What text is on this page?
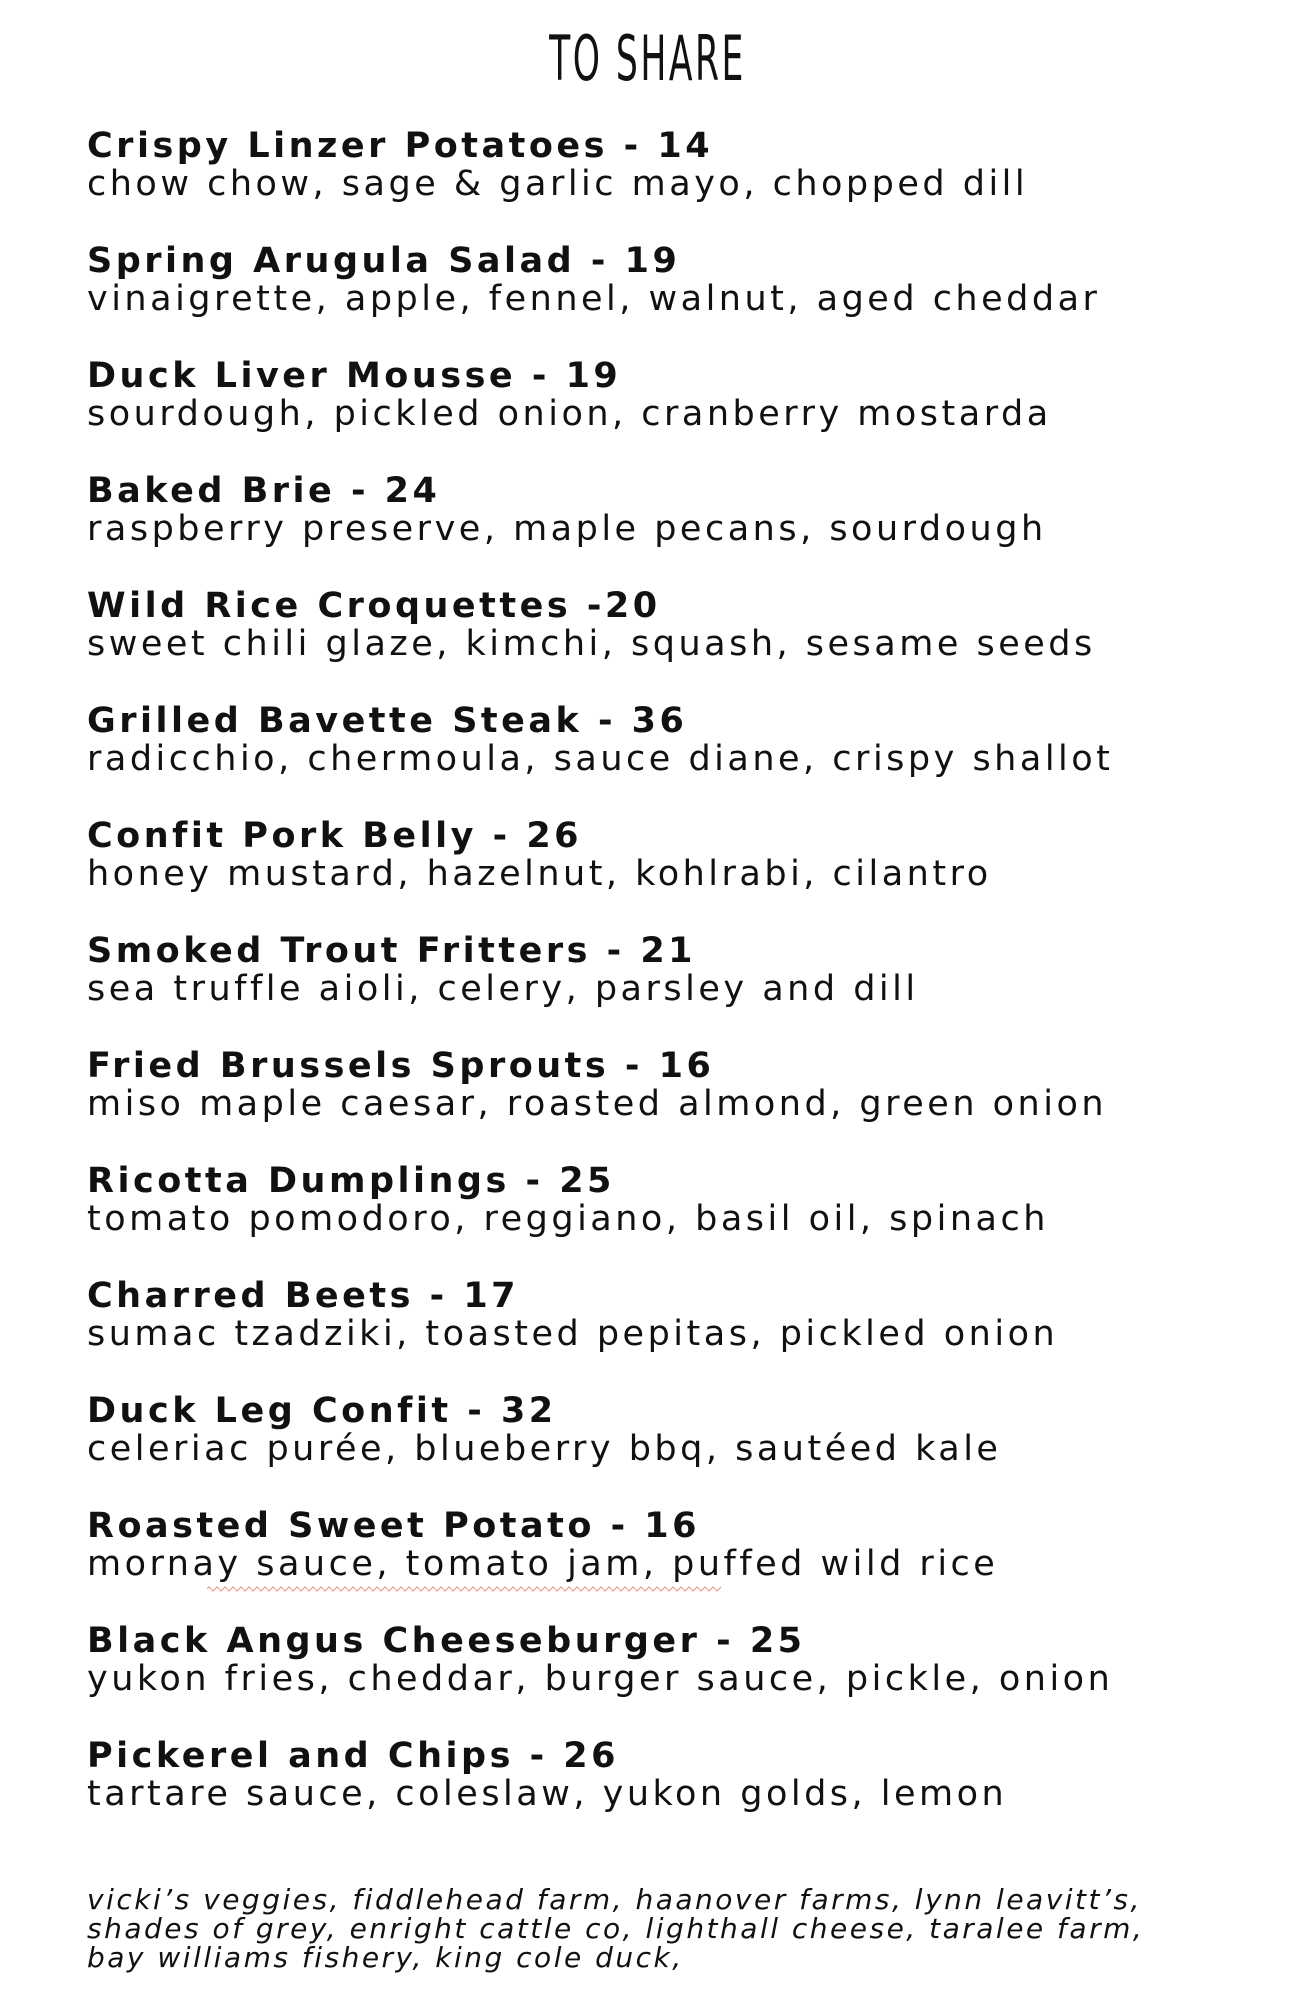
TO SHARE
Crispy Linzer Potatoes - 14
chow chow, sage & garlic mayo, chopped dill
Spring Arugula Salad - 19
vinaigrette, apple, fennel, walnut, aged cheddar
Duck Liver Mousse - 19
sourdough, pickled onion, cranberry mostarda
Baked Brie - 24
raspberry preserve, maple pecans, sourdough
Wild Rice Croquettes -20
sweet chili glaze, kimchi, squash, sesame seeds
Grilled Bavette Steak - 36
radicchio, chermoula, sauce diane, crispy shallot
Confit Pork Belly - 26
honey mustard, hazelnut, kohlrabi, cilantro
Smoked Trout Fritters - 21
sea truffle aioli, celery, parsley and dill
Fried Brussels Sprouts - 16
miso maple caesar, roasted almond, green onion
Ricotta Dumplings - 25
tomato pomodoro, reggiano, basil oil, spinach
Charred Beets - 17
sumac tzadziki, toasted pepitas, pickled onion
Duck Leg Confit - 32
celeriac purée, blueberry bbq, sautéed kale
Roasted Sweet Potato - 16
mornay sauce, tomato jam, puffed wild rice
Black Angus Cheeseburger - 25
yukon fries, cheddar, burger sauce, pickle, onion
Pickerel and Chips - 26
tartare sauce, coleslaw, yukon golds, lemon
vicki’s veggies, fiddlehead farm, haanover farms, lynn leavitt’s,
shades of grey, enright cattle co, lighthall cheese, taralee farm,
bay williams fishery, king cole duck,
